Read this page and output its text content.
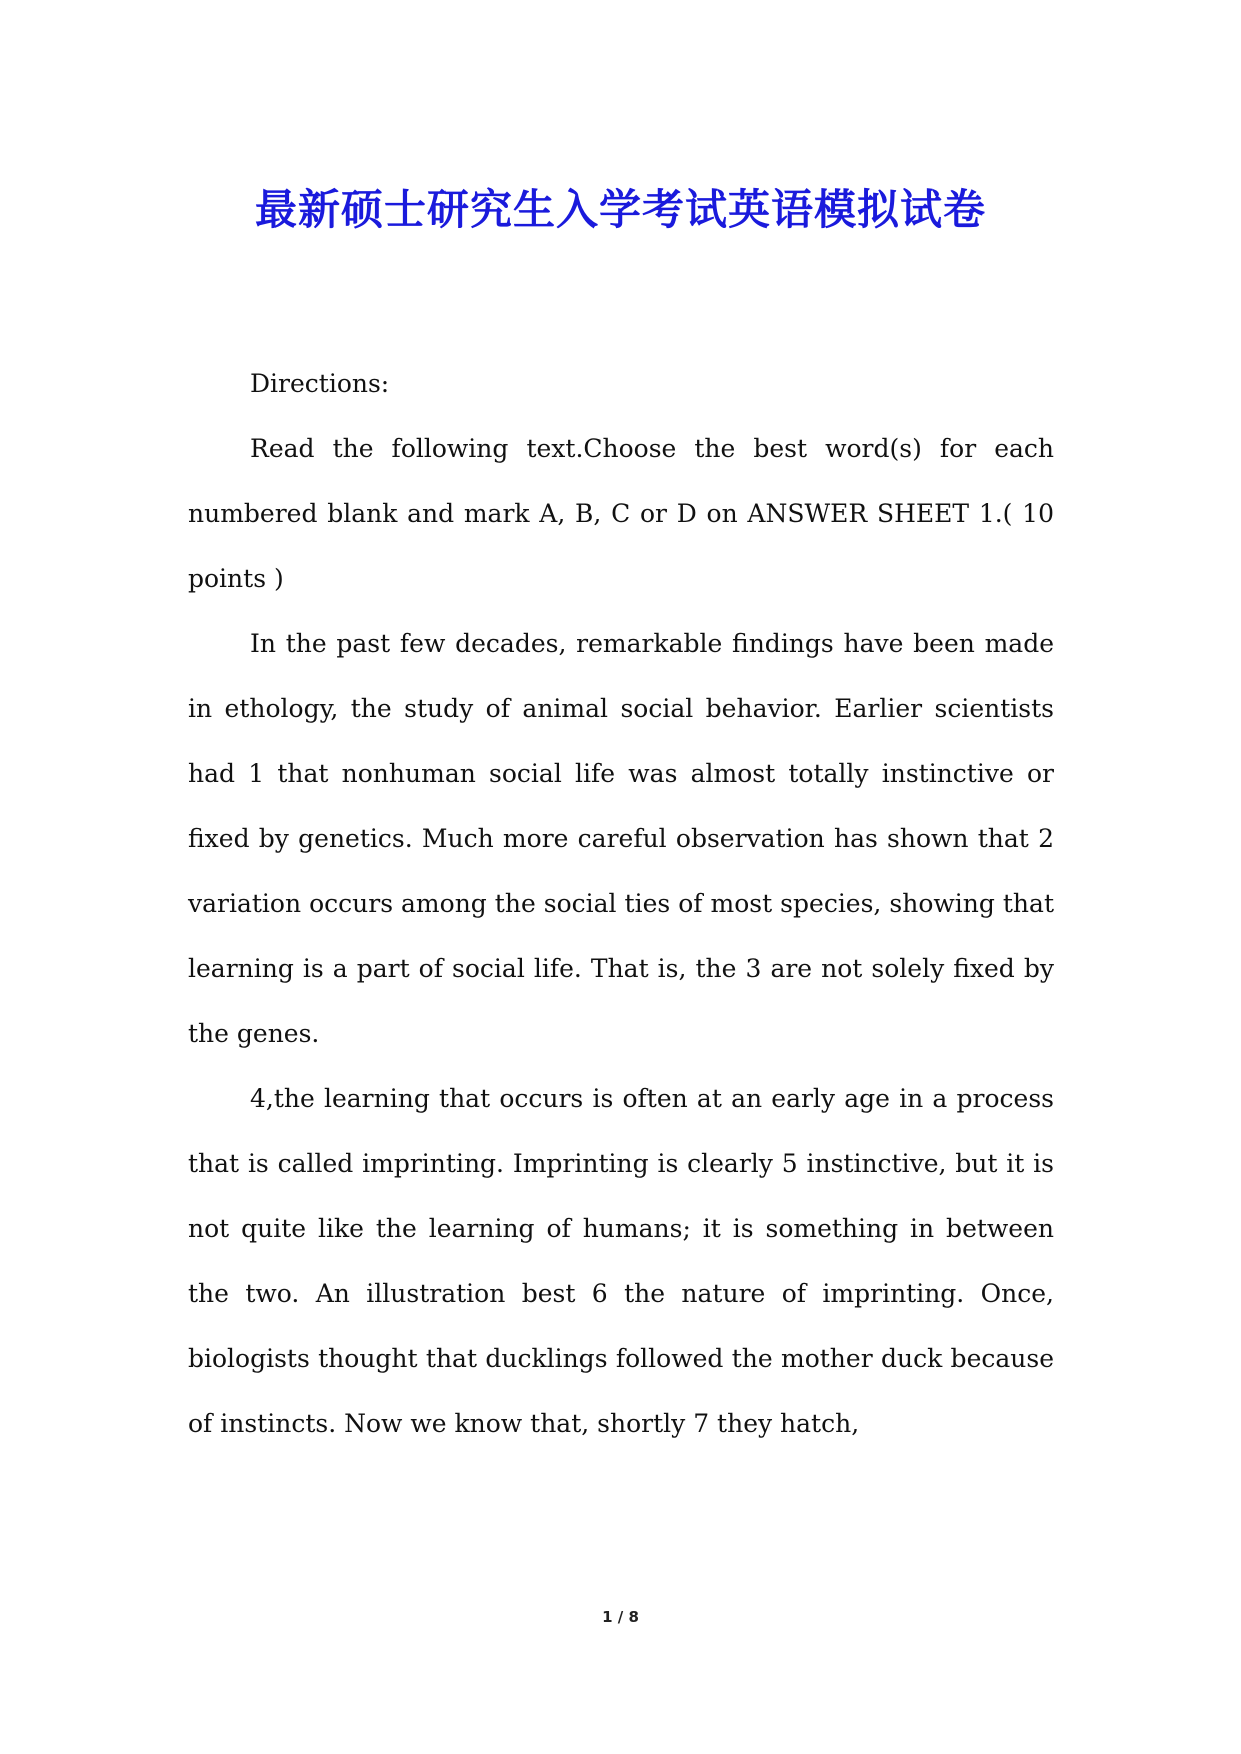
最新硕士研究生入学考试英语模拟试卷

Directions:

Read the following text.Choose the best word(s) for each numbered blank and mark A, B, C or D on ANSWER SHEET 1.( 10 points )

In the past few decades, remarkable findings have been made in ethology, the study of animal social behavior. Earlier scientists had 1 that nonhuman social life was almost totally instinctive or fixed by genetics. Much more careful observation has shown that 2 variation occurs among the social ties of most species, showing that learning is a part of social life. That is, the 3 are not solely fixed by the genes.

4,the learning that occurs is often at an early age in a process that is called imprinting. Imprinting is clearly 5 instinctive, but it is not quite like the learning of humans; it is something in between the two. An illustration best 6 the nature of imprinting. Once, biologists thought that ducklings followed the mother duck because of instincts. Now we know that, shortly 7 they hatch,

1 / 8
